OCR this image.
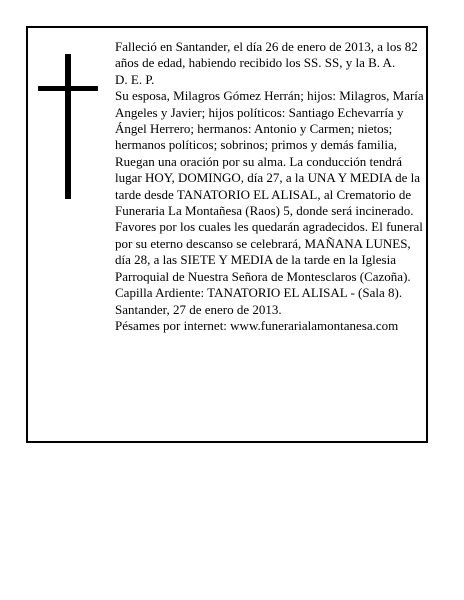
Falleció en Santander, el día 26 de enero de 2013, a los 82 años de edad, habiendo recibido los SS. SS, y la B. A.

D. E. P.

Su esposa, Milagros Gómez Herrán; hijos: Milagros, María Angeles y Javier; hijos políticos: Santiago Echevarría y Ángel Herrero; hermanos: Antonio y Carmen; nietos; hermanos políticos; sobrinos; primos y demás familia,

Ruegan una oración por su alma. La conducción tendrá lugar HOY, DOMINGO, día 27, a la UNA Y MEDIA de la tarde desde TANATORIO EL ALISAL, al Crematorio de Funeraria La Montañesa (Raos) 5, donde será incinerado. Favores por los cuales les quedarán agradecidos. El funeral por su eterno descanso se celebrará, MAÑANA LUNES, día 28, a las SIETE Y MEDIA de la tarde en la Iglesia Parroquial de Nuestra Señora de Montesclaros (Cazoña). Capilla Ardiente: TANATORIO EL ALISAL - (Sala 8).

Santander, 27 de enero de 2013.

Pésames por internet: www.funerarialamontanesa.com
